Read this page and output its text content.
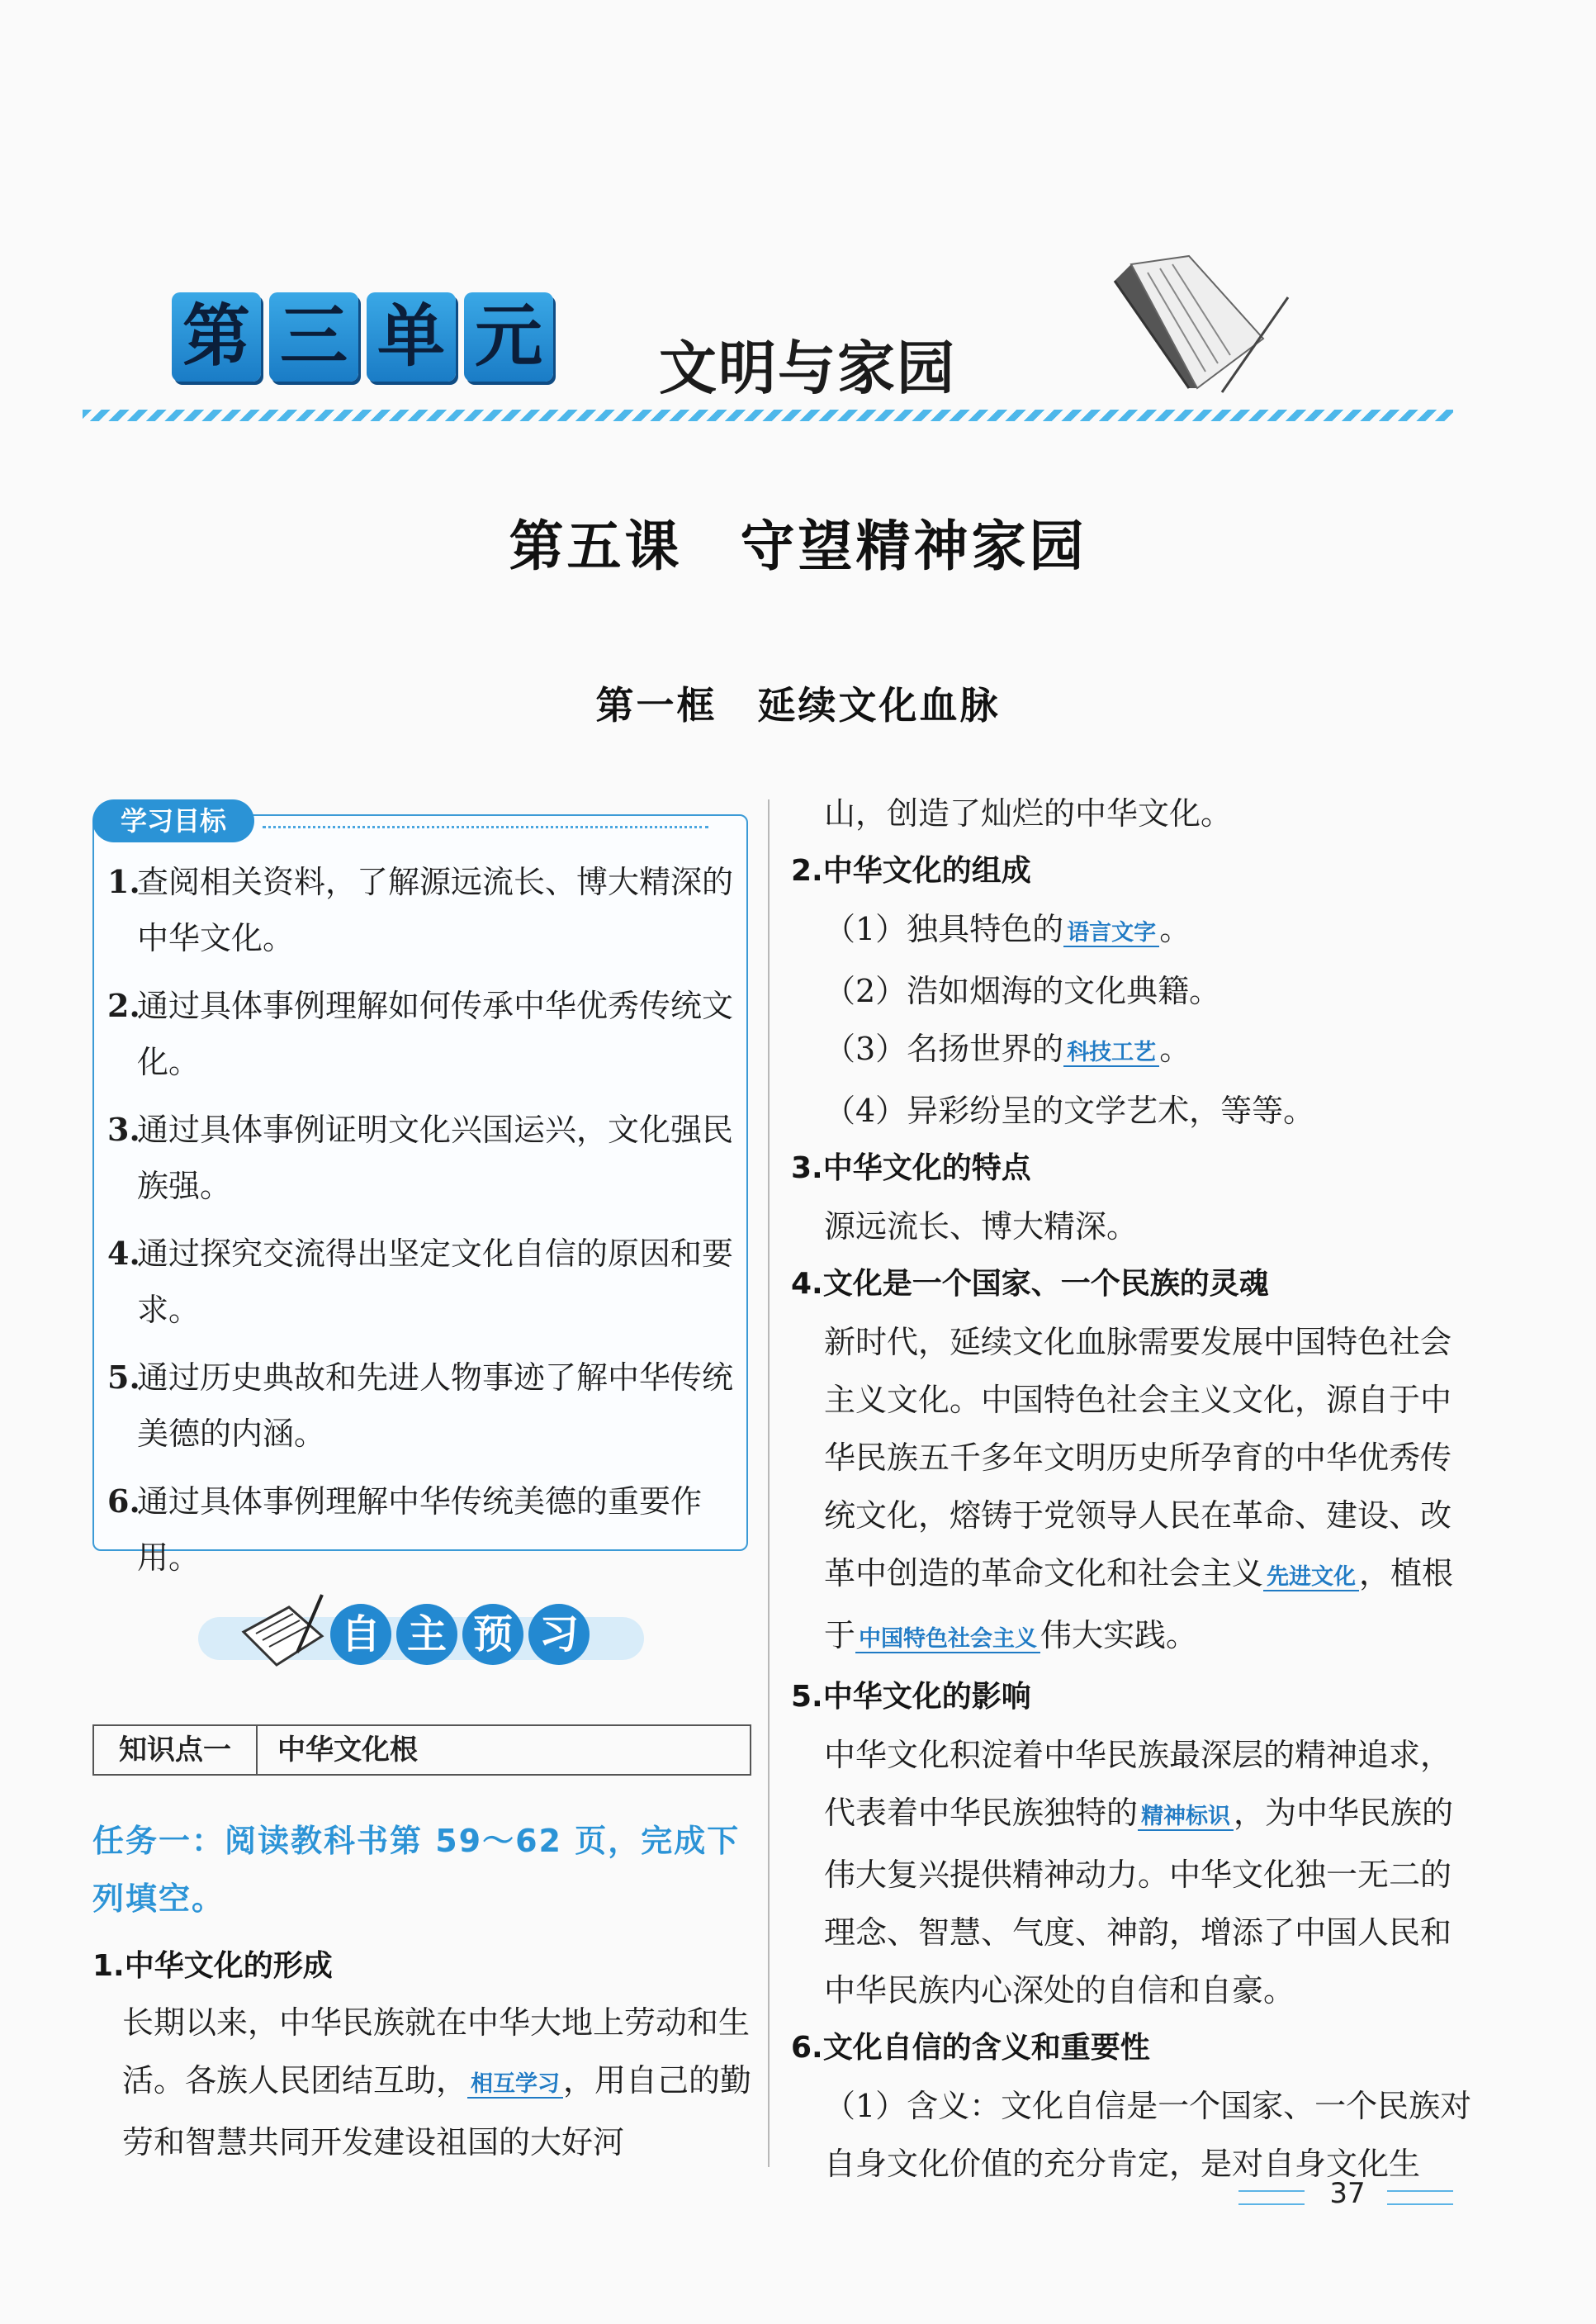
第 三 单 元 文明与家园
第五课　守望精神家园
第一框　延续文化血脉
学习目标
1.
查阅相关资料，了解源远流长、博大精深的中华文化。
2.
通过具体事例理解如何传承中华优秀传统文化。
3.
通过具体事例证明文化兴国运兴，文化强民族强。
4.
通过探究交流得出坚定文化自信的原因和要求。
5.
通过历史典故和先进人物事迹了解中华传统美德的内涵。
6.
通过具体事例理解中华传统美德的重要作用。
自 主 预 习
知识点一	中华文化根
任务一：阅读教科书第 59～62 页，完成下列填空。
1.中华文化的形成
长期以来，中华民族就在中华大地上劳动和生活。各族人民团结互助， 相互学习 ，用自己的勤劳和智慧共同开发建设祖国的大好河
山，创造了灿烂的中华文化。
2.中华文化的组成
（1）独具特色的 语言文字 。
（2）浩如烟海的文化典籍。
（3）名扬世界的 科技工艺 。
（4）异彩纷呈的文学艺术，等等。
3.中华文化的特点
源远流长、博大精深。
4.文化是一个国家、一个民族的灵魂
新时代，延续文化血脉需要发展中国特色社会主义文化。中国特色社会主义文化，源自于中华民族五千多年文明历史所孕育的中华优秀传统文化，熔铸于党领导人民在革命、建设、改革中创造的革命文化和社会主义 先进文化 ，植根于 中国特色社会主义 伟大实践。
5.中华文化的影响
中华文化积淀着中华民族最深层的精神追求，代表着中华民族独特的 精神标识 ，为中华民族的伟大复兴提供精神动力。中华文化独一无二的理念、智慧、气度、神韵，增添了中国人民和中华民族内心深处的自信和自豪。
6.文化自信的含义和重要性
（1）含义：文化自信是一个国家、一个民族对自身文化价值的充分肯定，是对自身文化生
37
